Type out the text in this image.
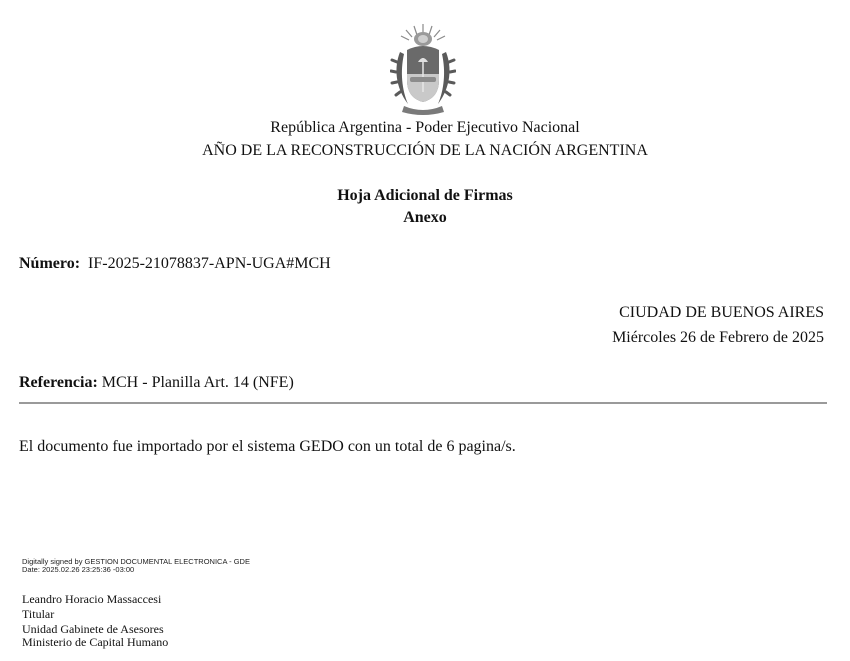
República Argentina - Poder Ejecutivo Nacional
AÑO DE LA RECONSTRUCCIÓN DE LA NACIÓN ARGENTINA
Hoja Adicional de Firmas
Anexo
Número: IF-2025-21078837-APN-UGA#MCH
CIUDAD DE BUENOS AIRES
Miércoles 26 de Febrero de 2025
Referencia: MCH - Planilla Art. 14 (NFE)
El documento fue importado por el sistema GEDO con un total de 6 pagina/s.
Digitally signed by GESTION DOCUMENTAL ELECTRONICA - GDE
Date: 2025.02.26 23:25:36 -03:00
Leandro Horacio Massaccesi
Titular
Unidad Gabinete de Asesores
Ministerio de Capital Humano
